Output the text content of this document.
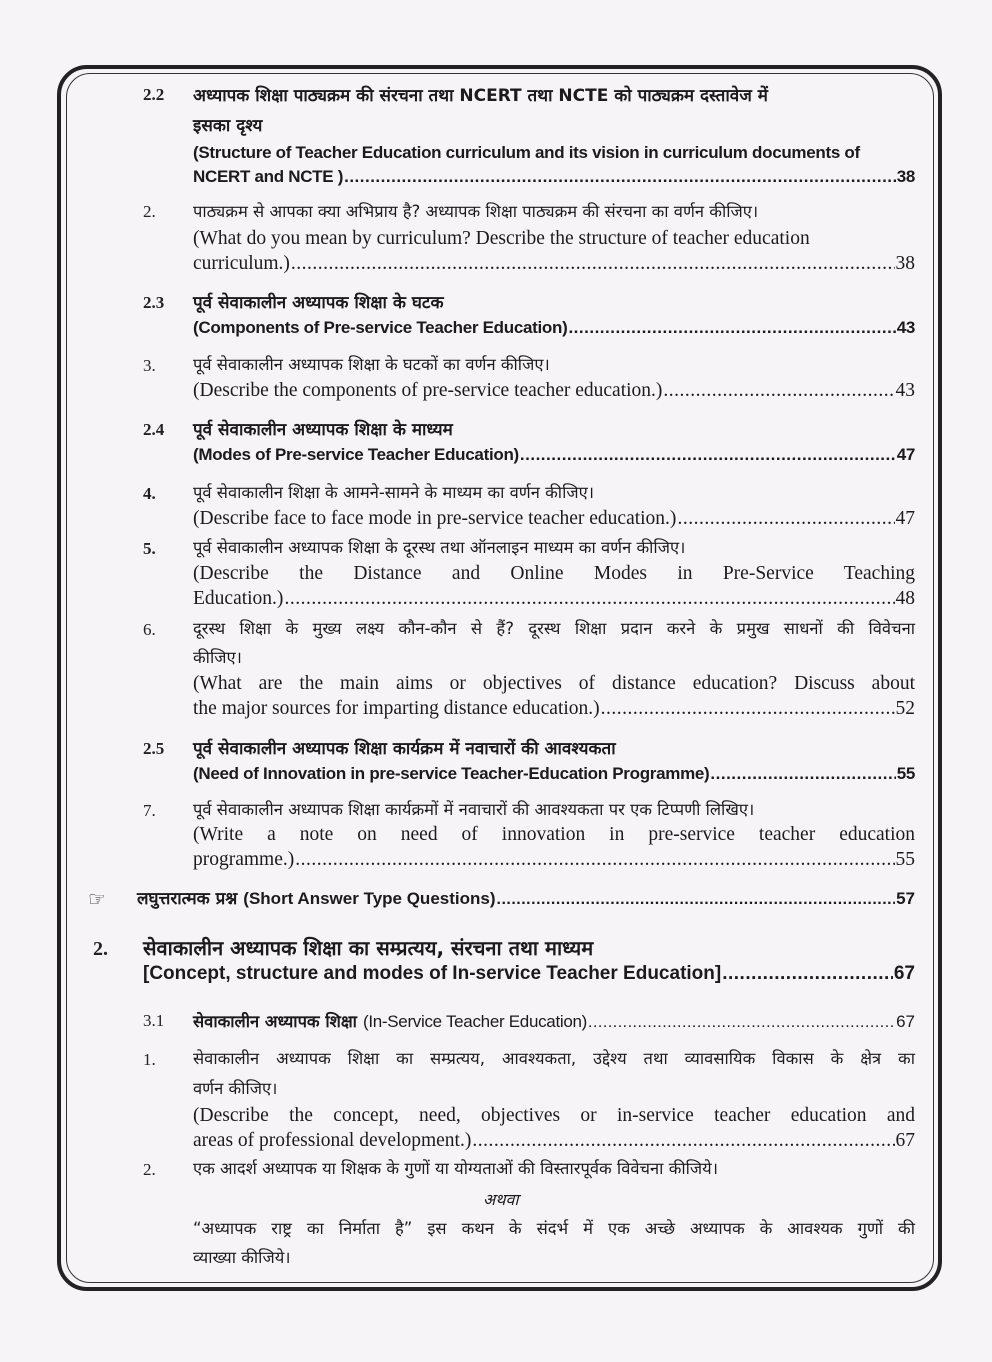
2.2 अध्यापक शिक्षा पाठ्यक्रम की संरचना तथा NCERT तथा NCTE को पाठ्यक्रम दस्तावेज में
इसका दृश्य
(Structure of Teacher Education curriculum and its vision in curriculum documents of
NCERT and NCTE ) .....	38
2. पाठ्यक्रम से आपका क्या अभिप्राय है? अध्यापक शिक्षा पाठ्यक्रम की संरचना का वर्णन कीजिए।
(What do you mean by curriculum? Describe the structure of teacher education
curriculum.) .....	38
2.3 पूर्व सेवाकालीन अध्यापक शिक्षा के घटक
(Components of Pre-service Teacher Education) .....	43
3. पूर्व सेवाकालीन अध्यापक शिक्षा के घटकों का वर्णन कीजिए।
(Describe the components of pre-service teacher education.) .....	43
2.4 पूर्व सेवाकालीन अध्यापक शिक्षा के माध्यम
(Modes of Pre-service Teacher Education) .....	47
4. पूर्व सेवाकालीन शिक्षा के आमने-सामने के माध्यम का वर्णन कीजिए।
(Describe face to face mode in pre-service teacher education.) .....	47
5. पूर्व सेवाकालीन अध्यापक शिक्षा के दूरस्थ तथा ऑनलाइन माध्यम का वर्णन कीजिए।
(Describe the Distance and Online Modes in Pre-Service Teaching
Education.) .....	48
6. दूरस्थ शिक्षा के मुख्य लक्ष्य कौन-कौन से हैं? दूरस्थ शिक्षा प्रदान करने के प्रमुख साधनों की विवेचना
कीजिए।
(What are the main aims or objectives of distance education? Discuss about
the major sources for imparting distance education.) .....	52
2.5 पूर्व सेवाकालीन अध्यापक शिक्षा कार्यक्रम में नवाचारों की आवश्यकता
(Need of Innovation in pre-service Teacher-Education Programme) .....	55
7. पूर्व सेवाकालीन अध्यापक शिक्षा कार्यक्रमों में नवाचारों की आवश्यकता पर एक टिप्पणी लिखिए।
(Write a note on need of innovation in pre-service teacher education
programme.) .....	55
☞ लघुत्तरात्मक प्रश्न (Short Answer Type Questions) .....	57
2. सेवाकालीन अध्यापक शिक्षा का सम्प्रत्यय, संरचना तथा माध्यम
[Concept, structure and modes of In-service Teacher Education] .....	67
3.1 सेवाकालीन अध्यापक शिक्षा (In-Service Teacher Education) .....	67
1. सेवाकालीन अध्यापक शिक्षा का सम्प्रत्यय, आवश्यकता, उद्देश्य तथा व्यावसायिक विकास के क्षेत्र का
वर्णन कीजिए।
(Describe the concept, need, objectives or in-service teacher education and
areas of professional development.) .....	67
2. एक आदर्श अध्यापक या शिक्षक के गुणों या योग्यताओं की विस्तारपूर्वक विवेचना कीजिये।
अथवा
“अध्यापक राष्ट्र का निर्माता है” इस कथन के संदर्भ में एक अच्छे अध्यापक के आवश्यक गुणों की
व्याख्या कीजिये।
